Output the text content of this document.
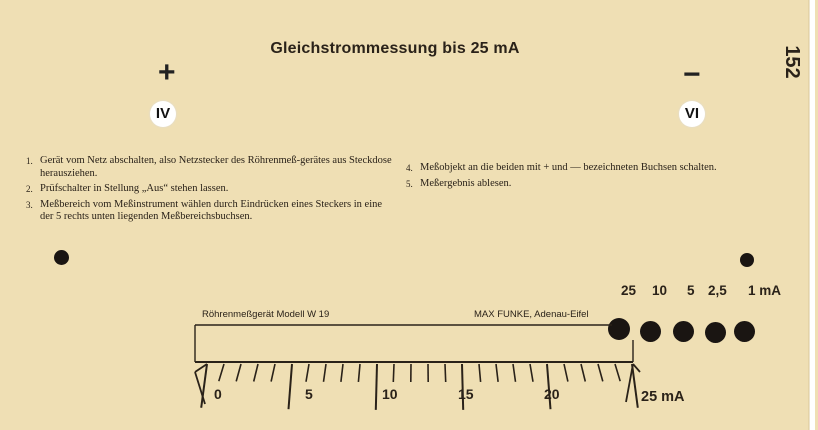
Gleichstrommessung bis 25 mA	152
+	−
IV	VI
1. Gerät vom Netz abschalten, also Netzstecker des Röhrenmeß-gerätes aus Steckdose herausziehen.
2. Prüfschalter in Stellung „Aus“ stehen lassen.
3. Meßbereich vom Meßinstrument wählen durch Eindrücken eines Steckers in eine der 5 rechts unten liegenden Meßbereichsbuchsen.
4. Meßobjekt an die beiden mit + und — bezeichneten Buchsen schalten.
5. Meßergebnis ablesen.
25 10 5 2,5 1 mA
Röhrenmeßgerät Modell W 19	MAX FUNKE, Adenau-Eifel
0	5	10	15	20	25 mA
